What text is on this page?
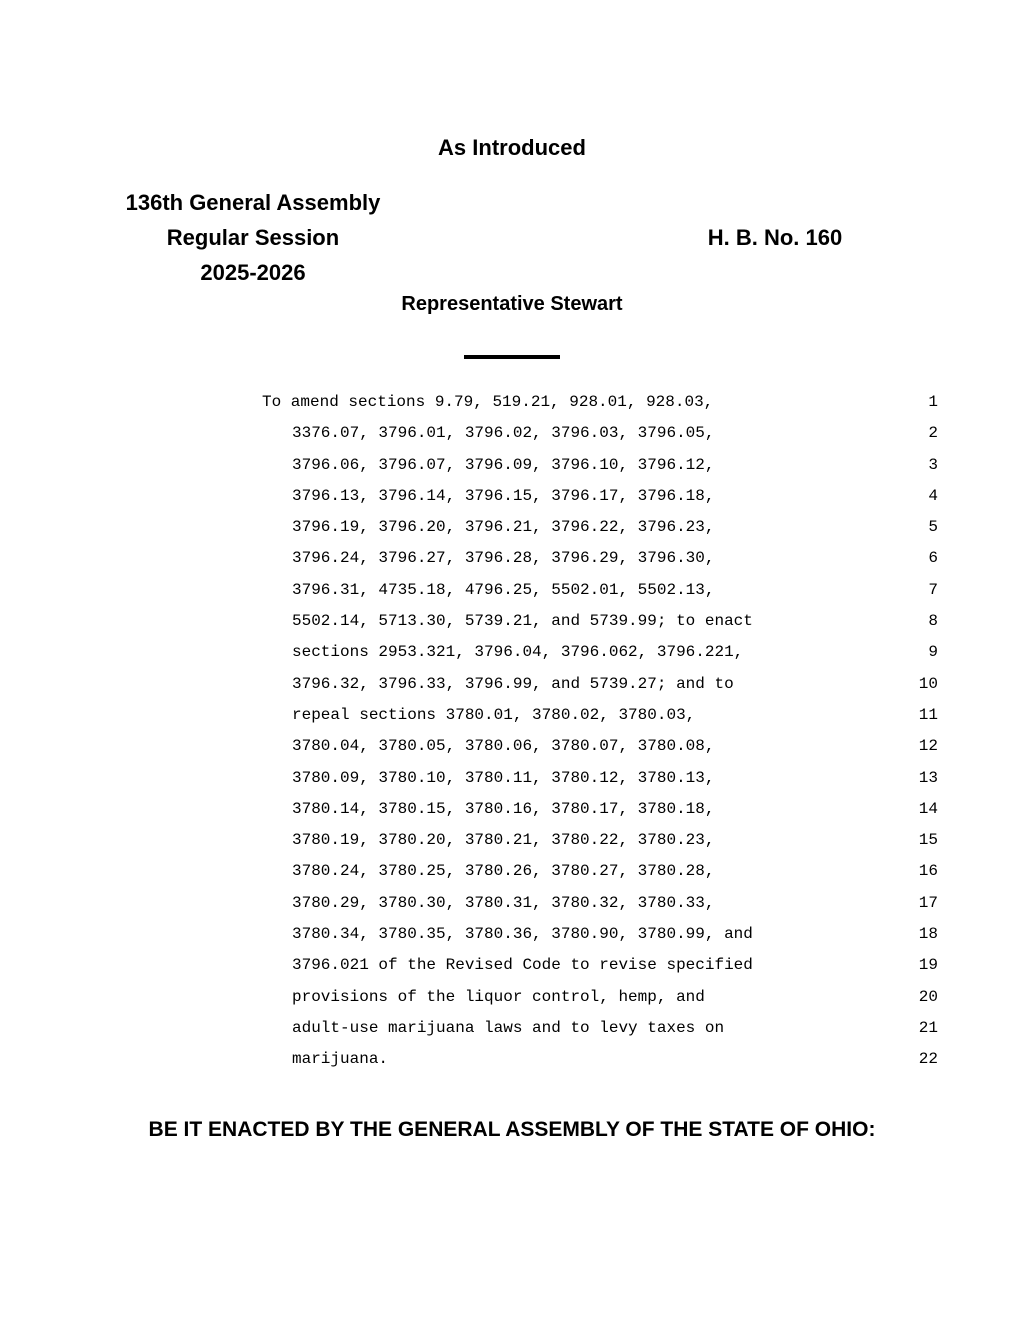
As Introduced
136th General Assembly
Regular Session
2025-2026
H. B. No. 160
Representative Stewart
To amend sections 9.79, 519.21, 928.01, 928.03,	1
3376.07, 3796.01, 3796.02, 3796.03, 3796.05,	2
3796.06, 3796.07, 3796.09, 3796.10, 3796.12,	3
3796.13, 3796.14, 3796.15, 3796.17, 3796.18,	4
3796.19, 3796.20, 3796.21, 3796.22, 3796.23,	5
3796.24, 3796.27, 3796.28, 3796.29, 3796.30,	6
3796.31, 4735.18, 4796.25, 5502.01, 5502.13,	7
5502.14, 5713.30, 5739.21, and 5739.99; to enact	8
sections 2953.321, 3796.04, 3796.062, 3796.221,	9
3796.32, 3796.33, 3796.99, and 5739.27; and to	10
repeal sections 3780.01, 3780.02, 3780.03,	11
3780.04, 3780.05, 3780.06, 3780.07, 3780.08,	12
3780.09, 3780.10, 3780.11, 3780.12, 3780.13,	13
3780.14, 3780.15, 3780.16, 3780.17, 3780.18,	14
3780.19, 3780.20, 3780.21, 3780.22, 3780.23,	15
3780.24, 3780.25, 3780.26, 3780.27, 3780.28,	16
3780.29, 3780.30, 3780.31, 3780.32, 3780.33,	17
3780.34, 3780.35, 3780.36, 3780.90, 3780.99, and	18
3796.021 of the Revised Code to revise specified	19
provisions of the liquor control, hemp, and	20
adult-use marijuana laws and to levy taxes on	21
marijuana.	22
BE IT ENACTED BY THE GENERAL ASSEMBLY OF THE STATE OF OHIO:
